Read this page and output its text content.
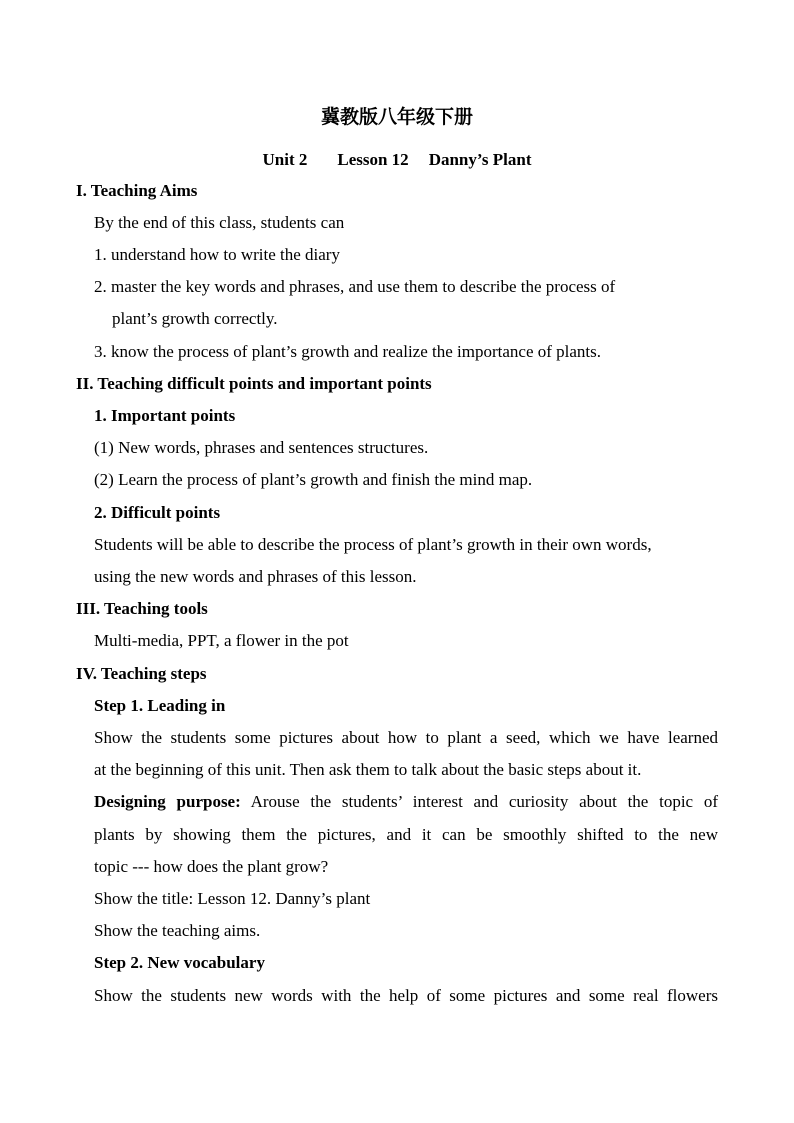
冀教版八年级下册
Unit 2 Lesson 12 Danny’s Plant
I. Teaching Aims
By the end of this class, students can
1. understand how to write the diary
2. master the key words and phrases, and use them to describe the process of
plant’s growth correctly.
3. know the process of plant’s growth and realize the importance of plants.
II. Teaching difficult points and important points
1. Important points
(1) New words, phrases and sentences structures.
(2) Learn the process of plant’s growth and finish the mind map.
2. Difficult points
Students will be able to describe the process of plant’s growth in their own words,
using the new words and phrases of this lesson.
III. Teaching tools
Multi-media, PPT, a flower in the pot
IV. Teaching steps
Step 1. Leading in
Show the students some pictures about how to plant a seed, which we have learned
at the beginning of this unit. Then ask them to talk about the basic steps about it.
Designing purpose: Arouse the students’ interest and curiosity about the topic of
plants by showing them the pictures, and it can be smoothly shifted to the new
topic --- how does the plant grow?
Show the title: Lesson 12. Danny’s plant
Show the teaching aims.
Step 2. New vocabulary
Show the students new words with the help of some pictures and some real flowers
